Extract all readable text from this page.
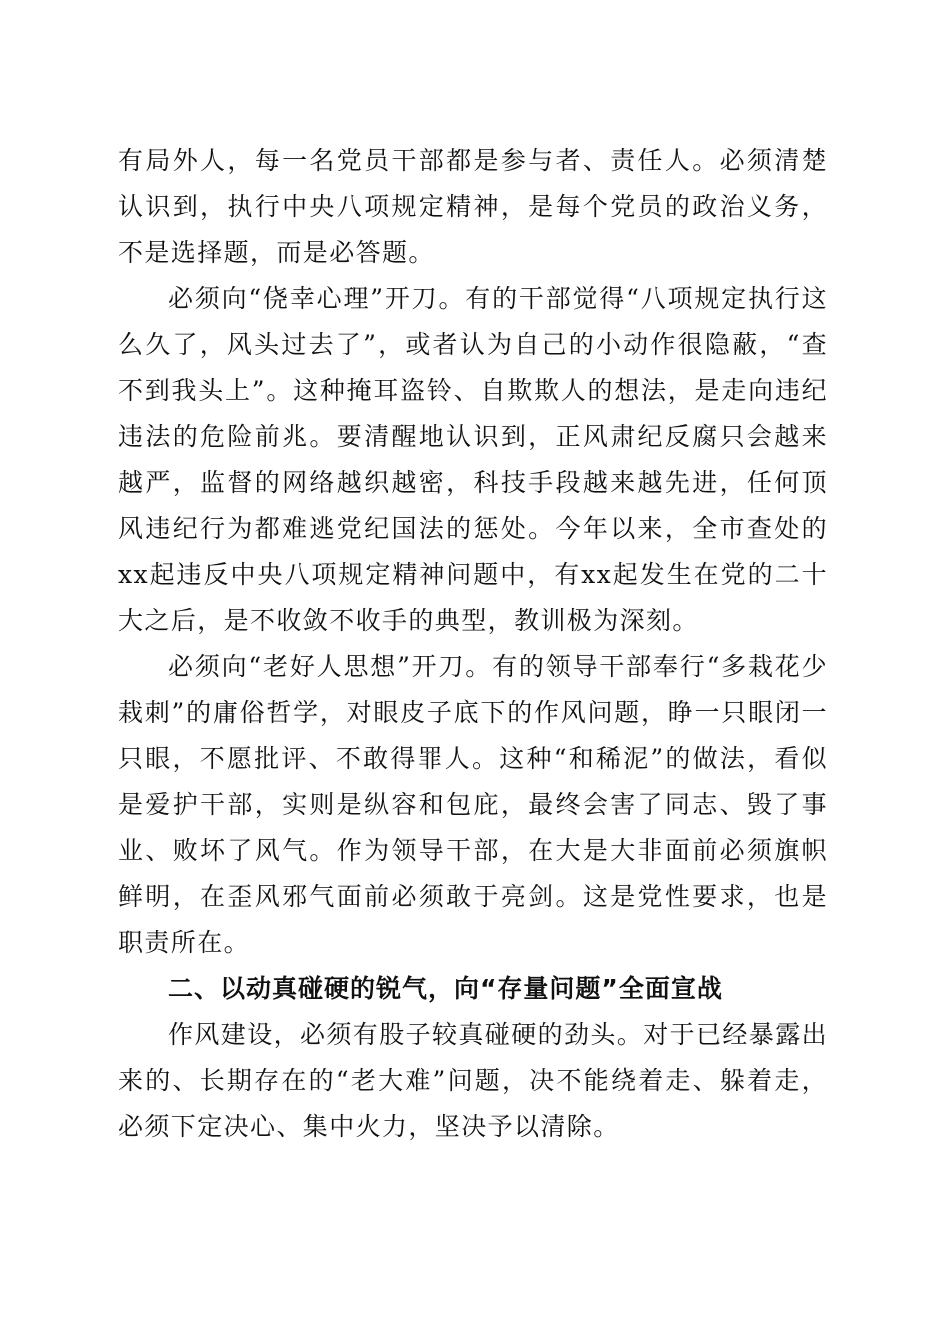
有局外人，每一名党员干部都是参与者、责任人。必须清楚认识到，执行中央八项规定精神，是每个党员的政治义务，不是选择题，而是必答题。

必须向“侥幸心理”开刀。有的干部觉得“八项规定执行这么久了，风头过去了”，或者认为自己的小动作很隐蔽，“查不到我头上”。这种掩耳盗铃、自欺欺人的想法，是走向违纪违法的危险前兆。要清醒地认识到，正风肃纪反腐只会越来越严，监督的网络越织越密，科技手段越来越先进，任何顶风违纪行为都难逃党纪国法的惩处。今年以来，全市查处的xx起违反中央八项规定精神问题中，有xx起发生在党的二十大之后，是不收敛不收手的典型，教训极为深刻。

必须向“老好人思想”开刀。有的领导干部奉行“多栽花少栽刺”的庸俗哲学，对眼皮子底下的作风问题，睁一只眼闭一只眼，不愿批评、不敢得罪人。这种“和稀泥”的做法，看似是爱护干部，实则是纵容和包庇，最终会害了同志、毁了事业、败坏了风气。作为领导干部，在大是大非面前必须旗帜鲜明，在歪风邪气面前必须敢于亮剑。这是党性要求，也是职责所在。

二、以动真碰硬的锐气，向“存量问题”全面宣战

作风建设，必须有股子较真碰硬的劲头。对于已经暴露出来的、长期存在的“老大难”问题，决不能绕着走、躲着走，必须下定决心、集中火力，坚决予以清除。
